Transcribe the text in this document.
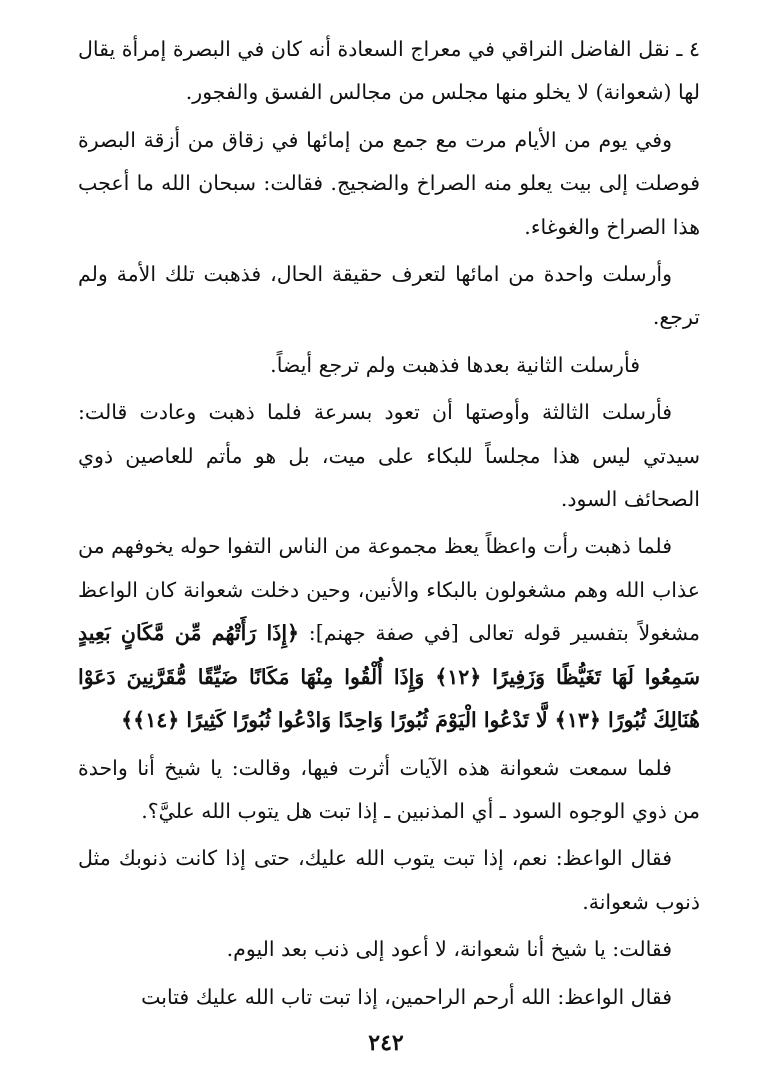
٤ ـ نقل الفاضل النراقي في معراج السعادة أنه كان في البصرة إمرأة يقال لها (شعوانة) لا يخلو منها مجلس من مجالس الفسق والفجور.

وفي يوم من الأيام مرت مع جمع من إمائها في زقاق من أزقة البصرة فوصلت إلى بيت يعلو منه الصراخ والضجيج. فقالت: سبحان الله ما أعجب هذا الصراخ والغوغاء.

وأرسلت واحدة من امائها لتعرف حقيقة الحال، فذهبت تلك الأمة ولم ترجع.

فأرسلت الثانية بعدها فذهبت ولم ترجع أيضاً.

فأرسلت الثالثة وأوصتها أن تعود بسرعة فلما ذهبت وعادت قالت: سيدتي ليس هذا مجلساً للبكاء على ميت، بل هو مأتم للعاصين ذوي الصحائف السود.

فلما ذهبت رأت واعظاً يعظ مجموعة من الناس التفوا حوله يخوفهم من عذاب الله وهم مشغولون بالبكاء والأنين، وحين دخلت شعوانة كان الواعظ مشغولاً بتفسير قوله تعالى [في صفة جهنم]: ﴿إِذَا رَأَتْهُم مِّن مَّكَانٍ بَعِيدٍ سَمِعُوا لَهَا تَغَيُّظًا وَزَفِيرًا ﴿١٢﴾ وَإِذَا أُلْقُوا مِنْهَا مَكَانًا ضَيِّقًا مُّقَرَّنِينَ دَعَوْا هُنَالِكَ ثُبُورًا ﴿١٣﴾ لَّا تَدْعُوا الْيَوْمَ ثُبُورًا وَاحِدًا وَادْعُوا ثُبُورًا كَثِيرًا ﴿١٤﴾﴾

فلما سمعت شعوانة هذه الآيات أثرت فيها، وقالت: يا شيخ أنا واحدة من ذوي الوجوه السود ـ أي المذنبين ـ إذا تبت هل يتوب الله عليَّ؟.

فقال الواعظ: نعم، إذا تبت يتوب الله عليك، حتى إذا كانت ذنوبك مثل ذنوب شعوانة.

فقالت: يا شيخ أنا شعوانة، لا أعود إلى ذنب بعد اليوم.

فقال الواعظ: الله أرحم الراحمين، إذا تبت تاب الله عليك فتابت

٢٤٢
